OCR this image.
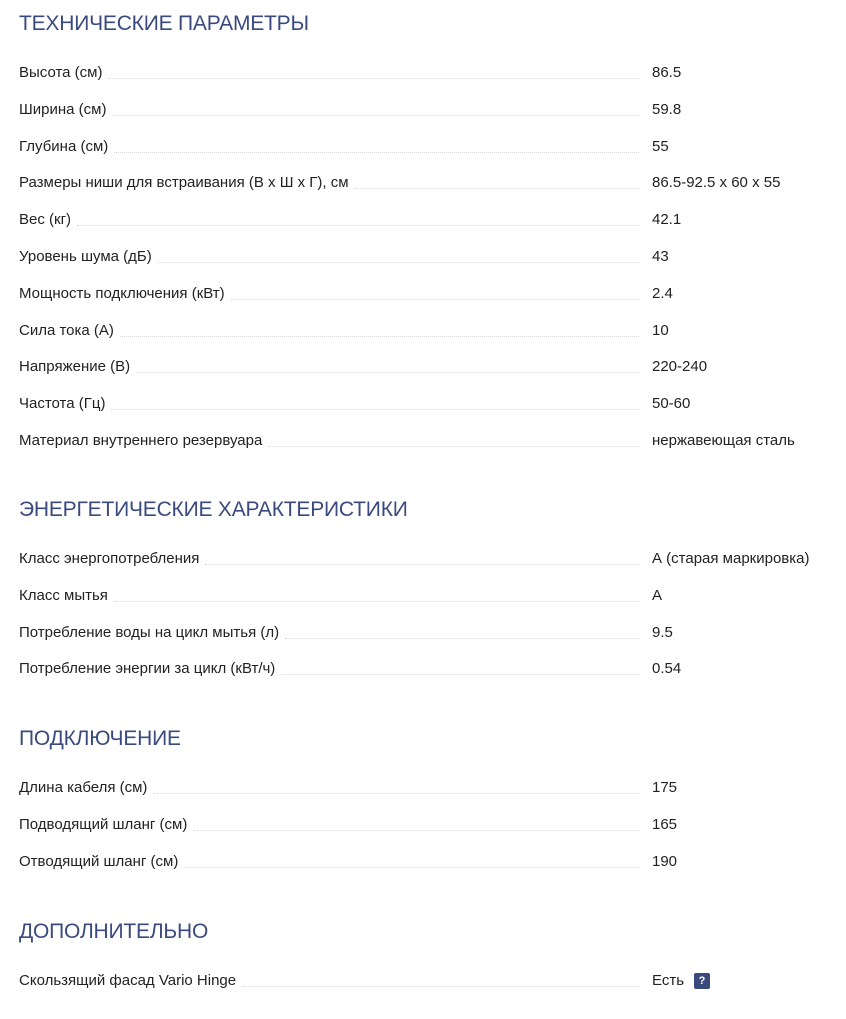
ТЕХНИЧЕСКИЕ ПАРАМЕТРЫ
Высота (см)	86.5
Ширина (см)	59.8
Глубина (см)	55
Размеры ниши для встраивания (В х Ш х Г), см	86.5-92.5 х 60 х 55
Вес (кг)	42.1
Уровень шума (дБ)	43
Мощность подключения (кВт)	2.4
Сила тока (А)	10
Напряжение (В)	220-240
Частота (Гц)	50-60
Материал внутреннего резервуара	нержавеющая сталь
ЭНЕРГЕТИЧЕСКИЕ ХАРАКТЕРИСТИКИ
Класс энергопотребления	А (старая маркировка)
Класс мытья	A
Потребление воды на цикл мытья (л)	9.5
Потребление энергии за цикл (кВт/ч)	0.54
ПОДКЛЮЧЕНИЕ
Длина кабеля (см)	175
Подводящий шланг (см)	165
Отводящий шланг (см)	190
ДОПОЛНИТЕЛЬНО
Скользящий фасад Vario Hinge	Есть ?
